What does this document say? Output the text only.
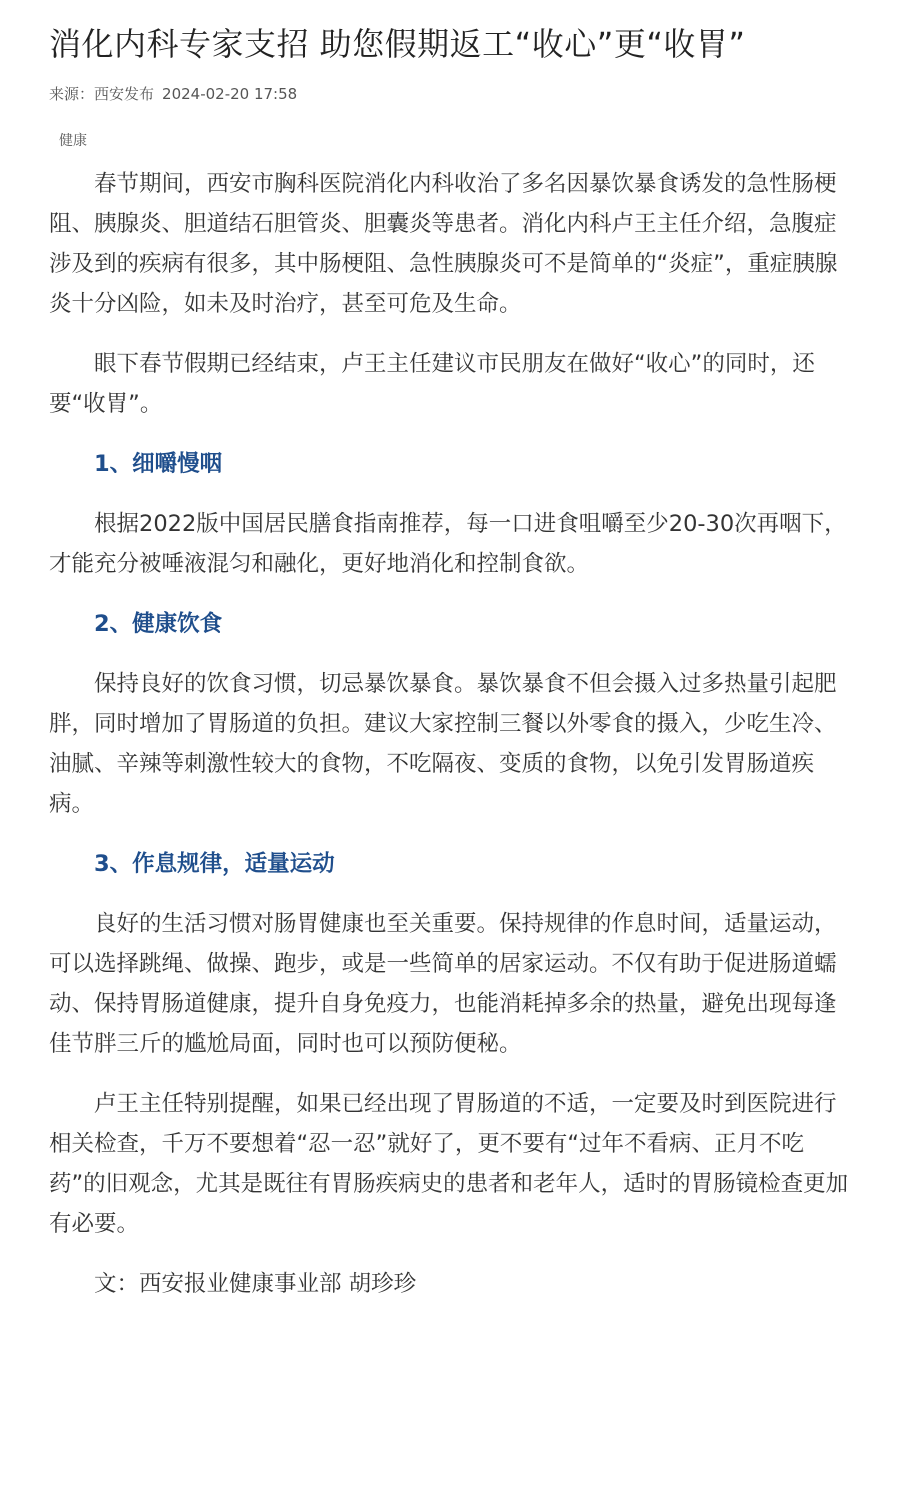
消化内科专家支招 助您假期返工“收心”更“收胃”
来源：西安发布 2024-02-20 17:58
健康

春节期间，西安市胸科医院消化内科收治了多名因暴饮暴食诱发的急性肠梗阻、胰腺炎、胆道结石胆管炎、胆囊炎等患者。消化内科卢王主任介绍，急腹症涉及到的疾病有很多，其中肠梗阻、急性胰腺炎可不是简单的“炎症”，重症胰腺炎十分凶险，如未及时治疗，甚至可危及生命。

眼下春节假期已经结束，卢王主任建议市民朋友在做好“收心”的同时，还要“收胃”。

1、细嚼慢咽

根据2022版中国居民膳食指南推荐，每一口进食咀嚼至少20-30次再咽下，才能充分被唾液混匀和融化，更好地消化和控制食欲。

2、健康饮食

保持良好的饮食习惯，切忌暴饮暴食。暴饮暴食不但会摄入过多热量引起肥胖，同时增加了胃肠道的负担。建议大家控制三餐以外零食的摄入，少吃生冷、油腻、辛辣等刺激性较大的食物，不吃隔夜、变质的食物，以免引发胃肠道疾病。

3、作息规律，适量运动

良好的生活习惯对肠胃健康也至关重要。保持规律的作息时间，适量运动，可以选择跳绳、做操、跑步，或是一些简单的居家运动。不仅有助于促进肠道蠕动、保持胃肠道健康，提升自身免疫力，也能消耗掉多余的热量，避免出现每逢佳节胖三斤的尴尬局面，同时也可以预防便秘。

卢王主任特别提醒，如果已经出现了胃肠道的不适，一定要及时到医院进行相关检查，千万不要想着“忍一忍”就好了，更不要有“过年不看病、正月不吃药”的旧观念，尤其是既往有胃肠疾病史的患者和老年人，适时的胃肠镜检查更加有必要。

文：西安报业健康事业部 胡珍珍
